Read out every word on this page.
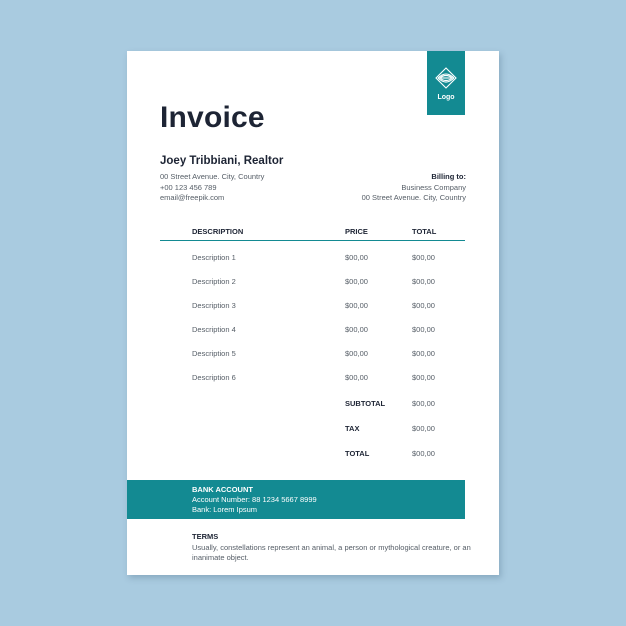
Logo
Invoice
Joey Tribbiani, Realtor
00 Street Avenue. City, Country
+00 123 456 789
email@freepik.com
Billing to:
Business Company
00 Street Avenue. City, Country
DESCRIPTION	PRICE	TOTAL
Description 1	$00,00	$00,00
Description 2	$00,00	$00,00
Description 3	$00,00	$00,00
Description 4	$00,00	$00,00
Description 5	$00,00	$00,00
Description 6	$00,00	$00,00
SUBTOTAL	$00,00
TAX	$00,00
TOTAL	$00,00
BANK ACCOUNT
Account Number: 88 1234 5667 8999
Bank: Lorem Ipsum
TERMS
Usually, constellations represent an animal, a person or mythological creature, or an inanimate object.
